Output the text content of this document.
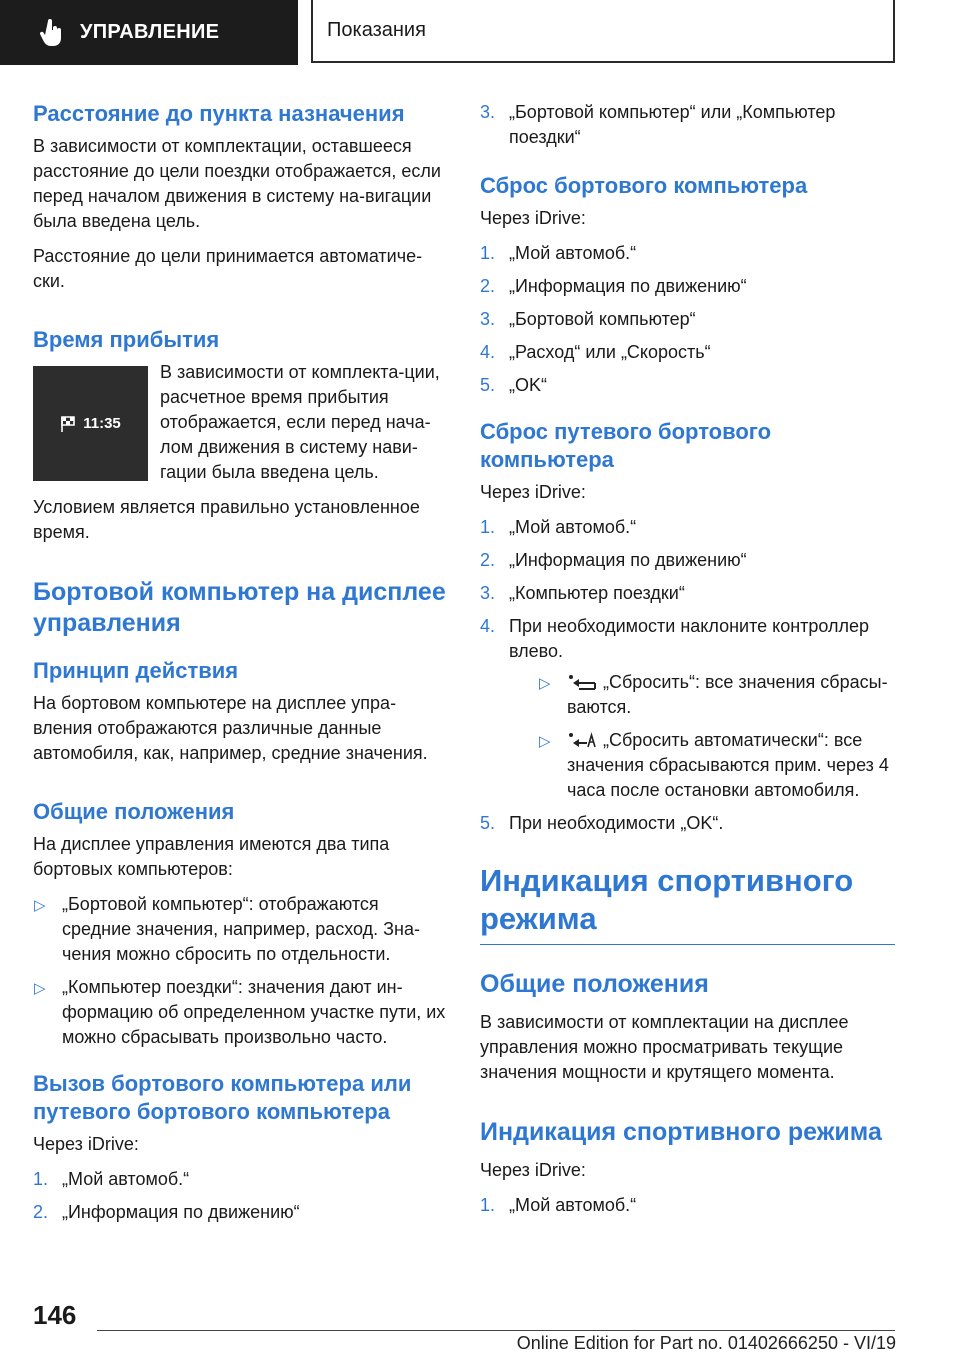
УПРАВЛЕНИЕ	Показания
Расстояние до пункта назначения

В зависимости от комплектации, оставшееся расстояние до цели поездки отображается, если перед началом движения в систему на-вигации была введена цель.

Расстояние до цели принимается автоматиче-ски.

Время прибытия
11:35

В зависимости от комплекта-ции, расчетное время прибытия отображается, если перед нача-лом движения в систему нави-гации была введена цель.

Условием является правильно установленное время.

Бортовой компьютер на дисплее управления
Принцип действия

На бортовом компьютере на дисплее упра-вления отображаются различные данные автомобиля, как, например, средние значения.

Общие положения

На дисплее управления имеются два типа бортовых компьютеров:

▷ „Бортовой компьютер“: отображаются средние значения, например, расход. Зна-чения можно сбросить по отдельности.
▷ „Компьютер поездки“: значения дают ин-формацию об определенном участке пути, их можно сбрасывать произвольно часто.
Вызов бортового компьютера или путевого бортового компьютера

Через iDrive:

1. „Мой автомоб.“
2. „Информация по движению“
3. „Бортовой компьютер“ или „Компьютер поездки“
Сброс бортового компьютера

Через iDrive:

1. „Мой автомоб.“
2. „Информация по движению“
3. „Бортовой компьютер“
4. „Расход“ или „Скорость“
5. „OK“
Сброс путевого бортового компьютера

Через iDrive:

1. „Мой автомоб.“
2. „Информация по движению“
3. „Компьютер поездки“
4. При необходимости наклоните контроллер влево.
▷	„Сбросить“: все значения сбрасы-ваются.
▷	„Сбросить автоматически“: все значения сбрасываются прим. через 4 часа после остановки автомобиля.
5. При необходимости „OK“.
Индикация спортивного режима
Общие положения

В зависимости от комплектации на дисплее управления можно просматривать текущие значения мощности и крутящего момента.

Индикация спортивного режима

Через iDrive:

1. „Мой автомоб.“
146
Online Edition for Part no. 01402666250 - VI/19
